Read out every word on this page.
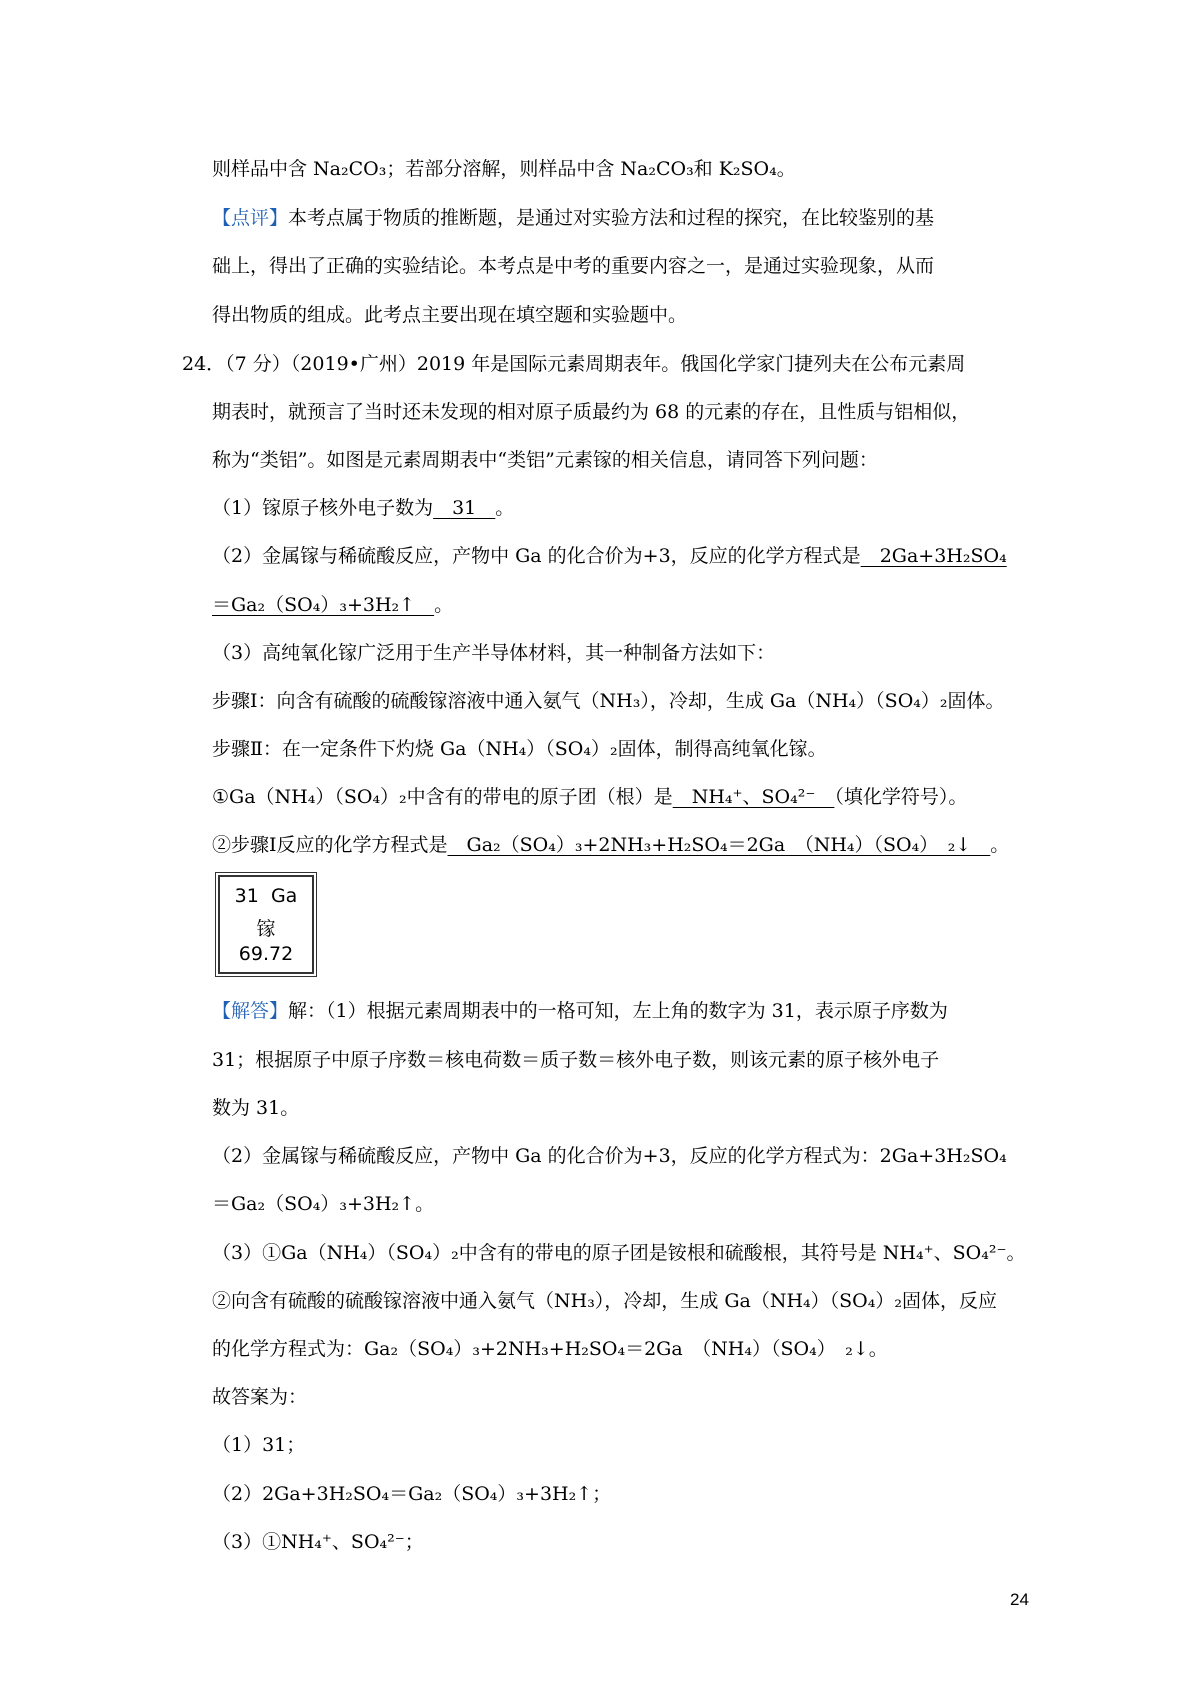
则样品中含 Na₂CO₃；若部分溶解，则样品中含 Na₂CO₃和 K₂SO₄。
【点评】本考点属于物质的推断题，是通过对实验方法和过程的探究，在比较鉴别的基
础上，得出了正确的实验结论。本考点是中考的重要内容之一，是通过实验现象，从而
得出物质的组成。此考点主要出现在填空题和实验题中。
24．（7 分）（2019•广州）2019 年是国际元素周期表年。俄国化学家门捷列夫在公布元素周
期表时，就预言了当时还未发现的相对原子质最约为 68 的元素的存在，且性质与铝相似，
称为“类铝”。如图是元素周期表中“类铝”元素镓的相关信息，请同答下列问题：
（1）镓原子核外电子数为　31　。
（2）金属镓与稀硫酸反应，产物中 Ga 的化合价为+3，反应的化学方程式是　2Ga+3H₂SO₄
＝Ga₂（SO₄）₃+3H₂↑　。
（3）高纯氧化镓广泛用于生产半导体材料，其一种制备方法如下：
步骤Ⅰ：向含有硫酸的硫酸镓溶液中通入氨气（NH₃），冷却，生成 Ga（NH₄）（SO₄）₂固体。
步骤Ⅱ：在一定条件下灼烧 Ga（NH₄）（SO₄）₂固体，制得高纯氧化镓。
①Ga（NH₄）（SO₄）₂中含有的带电的原子团（根）是　NH₄⁺、SO₄²⁻　（填化学符号）。
②步骤Ⅰ反应的化学方程式是　Ga₂（SO₄）₃+2NH₃+H₂SO₄＝2Ga　（NH₄）（SO₄）　₂↓　。
31 Ga
镓
69.72
【解答】解：（1）根据元素周期表中的一格可知，左上角的数字为 31，表示原子序数为
31；根据原子中原子序数＝核电荷数＝质子数＝核外电子数，则该元素的原子核外电子
数为 31。
（2）金属镓与稀硫酸反应，产物中 Ga 的化合价为+3，反应的化学方程式为：2Ga+3H₂SO₄
＝Ga₂（SO₄）₃+3H₂↑。
（3）①Ga（NH₄）（SO₄）₂中含有的带电的原子团是铵根和硫酸根，其符号是 NH₄⁺、SO₄²⁻。
②向含有硫酸的硫酸镓溶液中通入氨气（NH₃），冷却，生成 Ga（NH₄）（SO₄）₂固体，反应
的化学方程式为：Ga₂（SO₄）₃+2NH₃+H₂SO₄＝2Ga　（NH₄）（SO₄）　₂↓。
故答案为：
（1）31；
（2）2Ga+3H₂SO₄＝Ga₂（SO₄）₃+3H₂↑；
（3）①NH₄⁺、SO₄²⁻；
24
